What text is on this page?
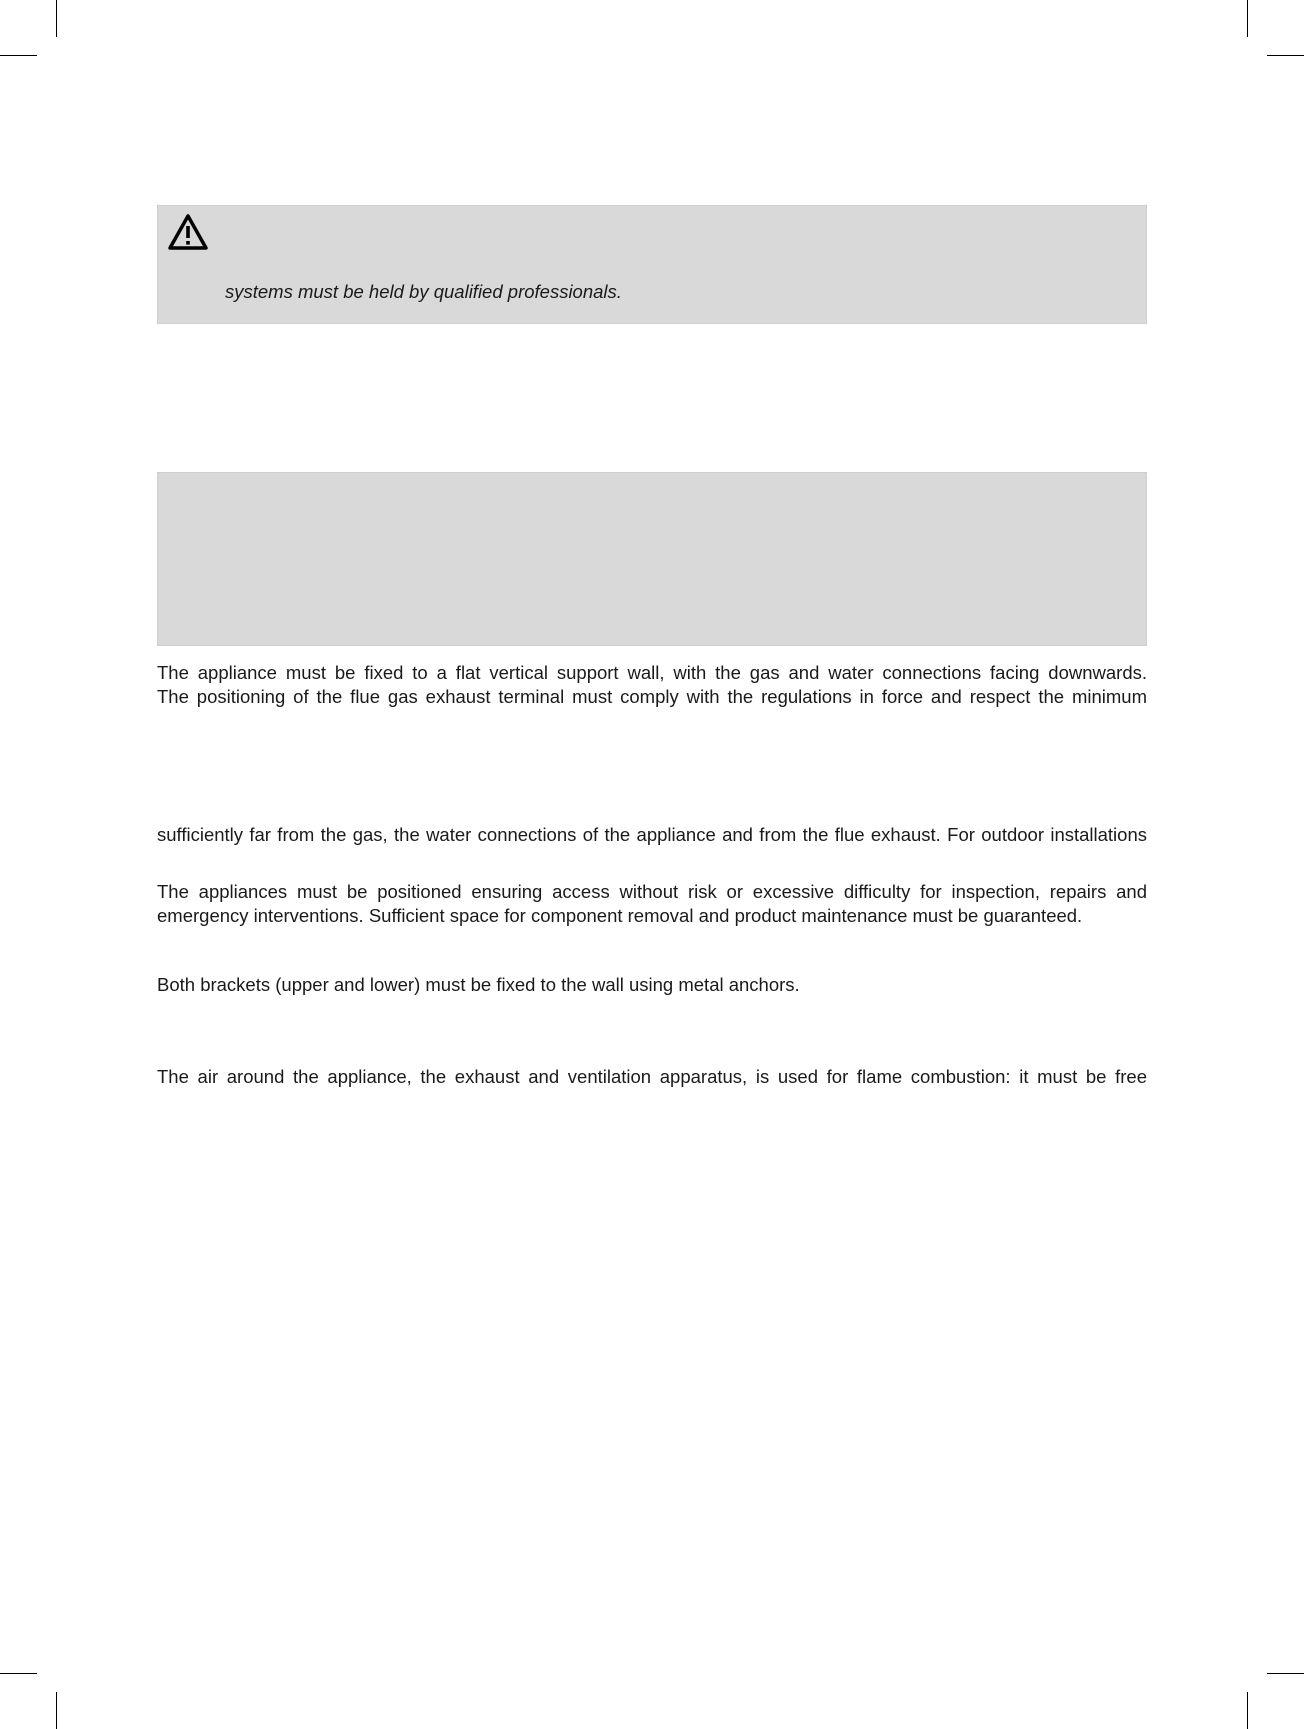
systems must be held by qualified professionals.
The appliance must be fixed to a flat vertical support wall, with the gas and water connections facing downwards.
The positioning of the flue gas exhaust terminal must comply with the regulations in force and respect the minimum
sufficiently far from the gas, the water connections of the appliance and from the flue exhaust. For outdoor installations
The appliances must be positioned ensuring access without risk or excessive difficulty for inspection, repairs and
emergency interventions. Sufficient space for component removal and product maintenance must be guaranteed.
Both brackets (upper and lower) must be fixed to the wall using metal anchors.
The air around the appliance, the exhaust and ventilation apparatus, is used for flame combustion: it must be free
